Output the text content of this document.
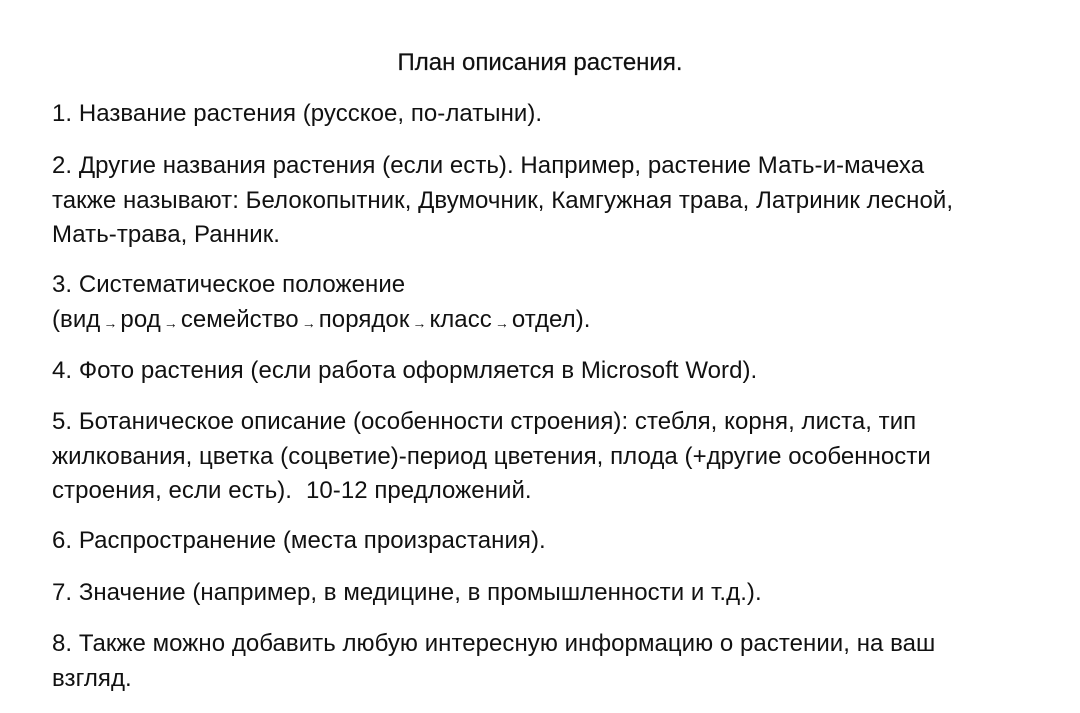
План описания растения.
1. Название растения (русское, по-латыни).
2. Другие названия растения (если есть). Например, растение Мать-и-мачеха
также называют: Белокопытник, Двумочник, Камгужная трава, Латриник лесной,
Мать-трава, Ранник.
3. Систематическое положение
(вид → род → семейство → порядок → класс → отдел).
4. Фото растения (если работа оформляется в Microsoft Word).
5. Ботаническое описание (особенности строения): стебля, корня, листа, тип
жилкования, цветка (соцветие)-период цветения, плода (+другие особенности
строения, если есть). 10-12 предложений.
6. Распространение (места произрастания).
7. Значение (например, в медицине, в промышленности и т.д.).
8. Также можно добавить любую интересную информацию о растении, на ваш
взгляд.
